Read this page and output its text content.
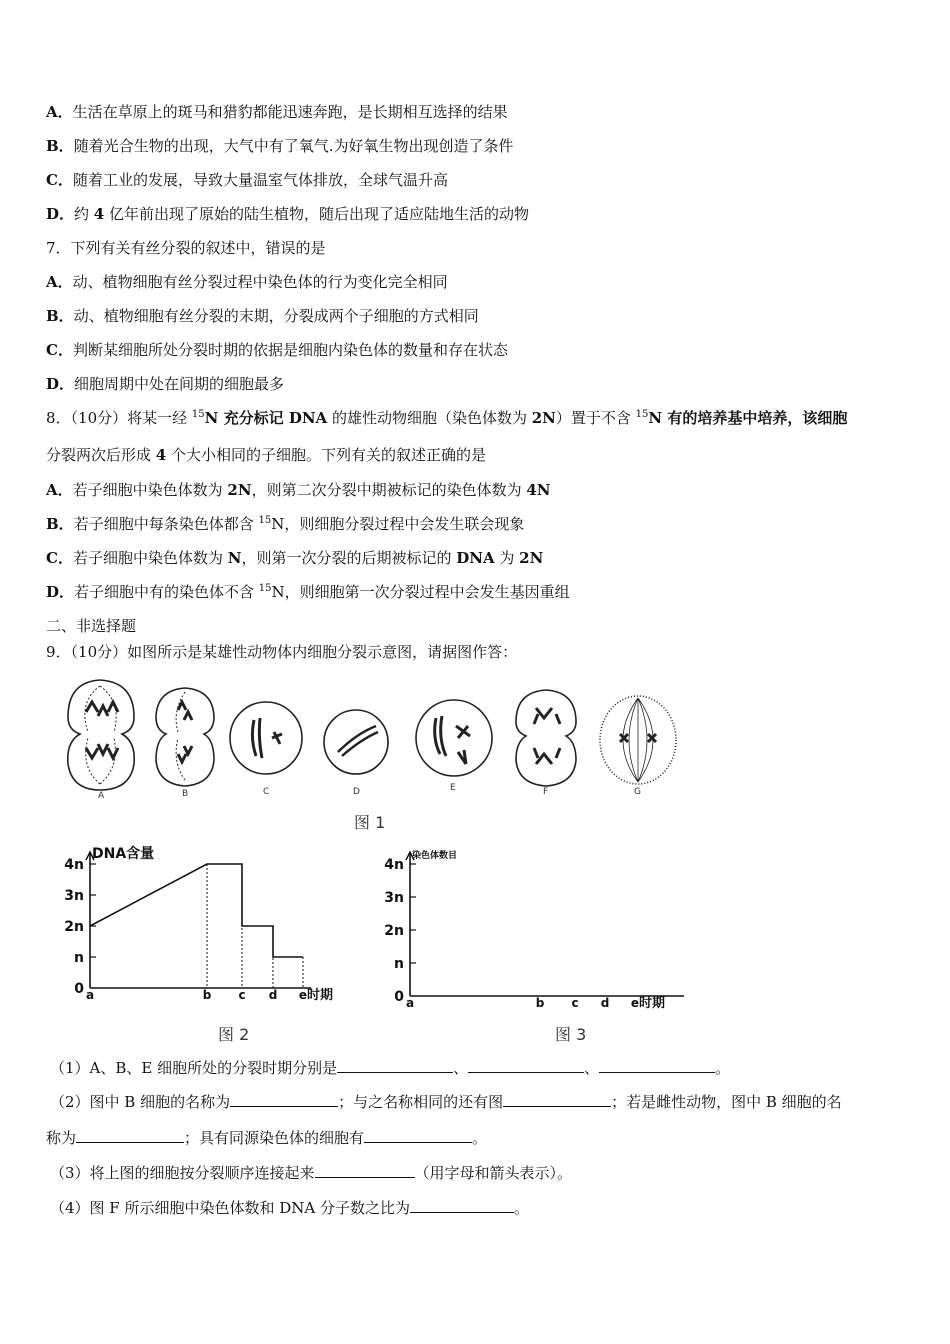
A．生活在草原上的斑马和猎豹都能迅速奔跑，是长期相互选择的结果
B．随着光合生物的出现，大气中有了氧气.为好氧生物出现创造了条件
C．随着工业的发展，导致大量温室气体排放，全球气温升高
D．约 4 亿年前出现了原始的陆生植物，随后出现了适应陆地生活的动物
7．下列有关有丝分裂的叙述中，错误的是
A．动、植物细胞有丝分裂过程中染色体的行为变化完全相同
B．动、植物细胞有丝分裂的末期，分裂成两个子细胞的方式相同
C．判断某细胞所处分裂时期的依据是细胞内染色体的数量和存在状态
D．细胞周期中处在间期的细胞最多
8．（10分）将某一经 $^{15}$N 充分标记 DNA 的雄性动物细胞（染色体数为 2N）置于不含 $^{15}$N 有的培养基中培养，该细胞
分裂两次后形成 4 个大小相同的子细胞。下列有关的叙述正确的是
A．若子细胞中染色体数为 2N，则第二次分裂中期被标记的染色体数为 4N
B．若子细胞中每条染色体都含 $^{15}$N，则细胞分裂过程中会发生联会现象
C．若子细胞中染色体数为 N，则第一次分裂的后期被标记的 DNA 为 2N
D．若子细胞中有的染色体不含 $^{15}$N，则细胞第一次分裂过程中会发生基因重组
二、非选择题
9．（10分）如图所示是某雄性动物体内细胞分裂示意图，请据图作答：
A	B	C	D	E	F	G
图 1
DNA含量
0
n
2n
3n
4n
a	b c d e 时期
图 2
染色体数目
0
n
2n
3n
4n
a	b c d e 时期
图 3
（1）A、B、E 细胞所处的分裂时期分别是	、	、	。
（2）图中 B 细胞的名称为	；与之名称相同的还有图	；若是雌性动物，图中 B 细胞的名
称为	；具有同源染色体的细胞有	。
（3）将上图的细胞按分裂顺序连接起来	（用字母和箭头表示）。
（4）图 F 所示细胞中染色体数和 DNA 分子数之比为	。
